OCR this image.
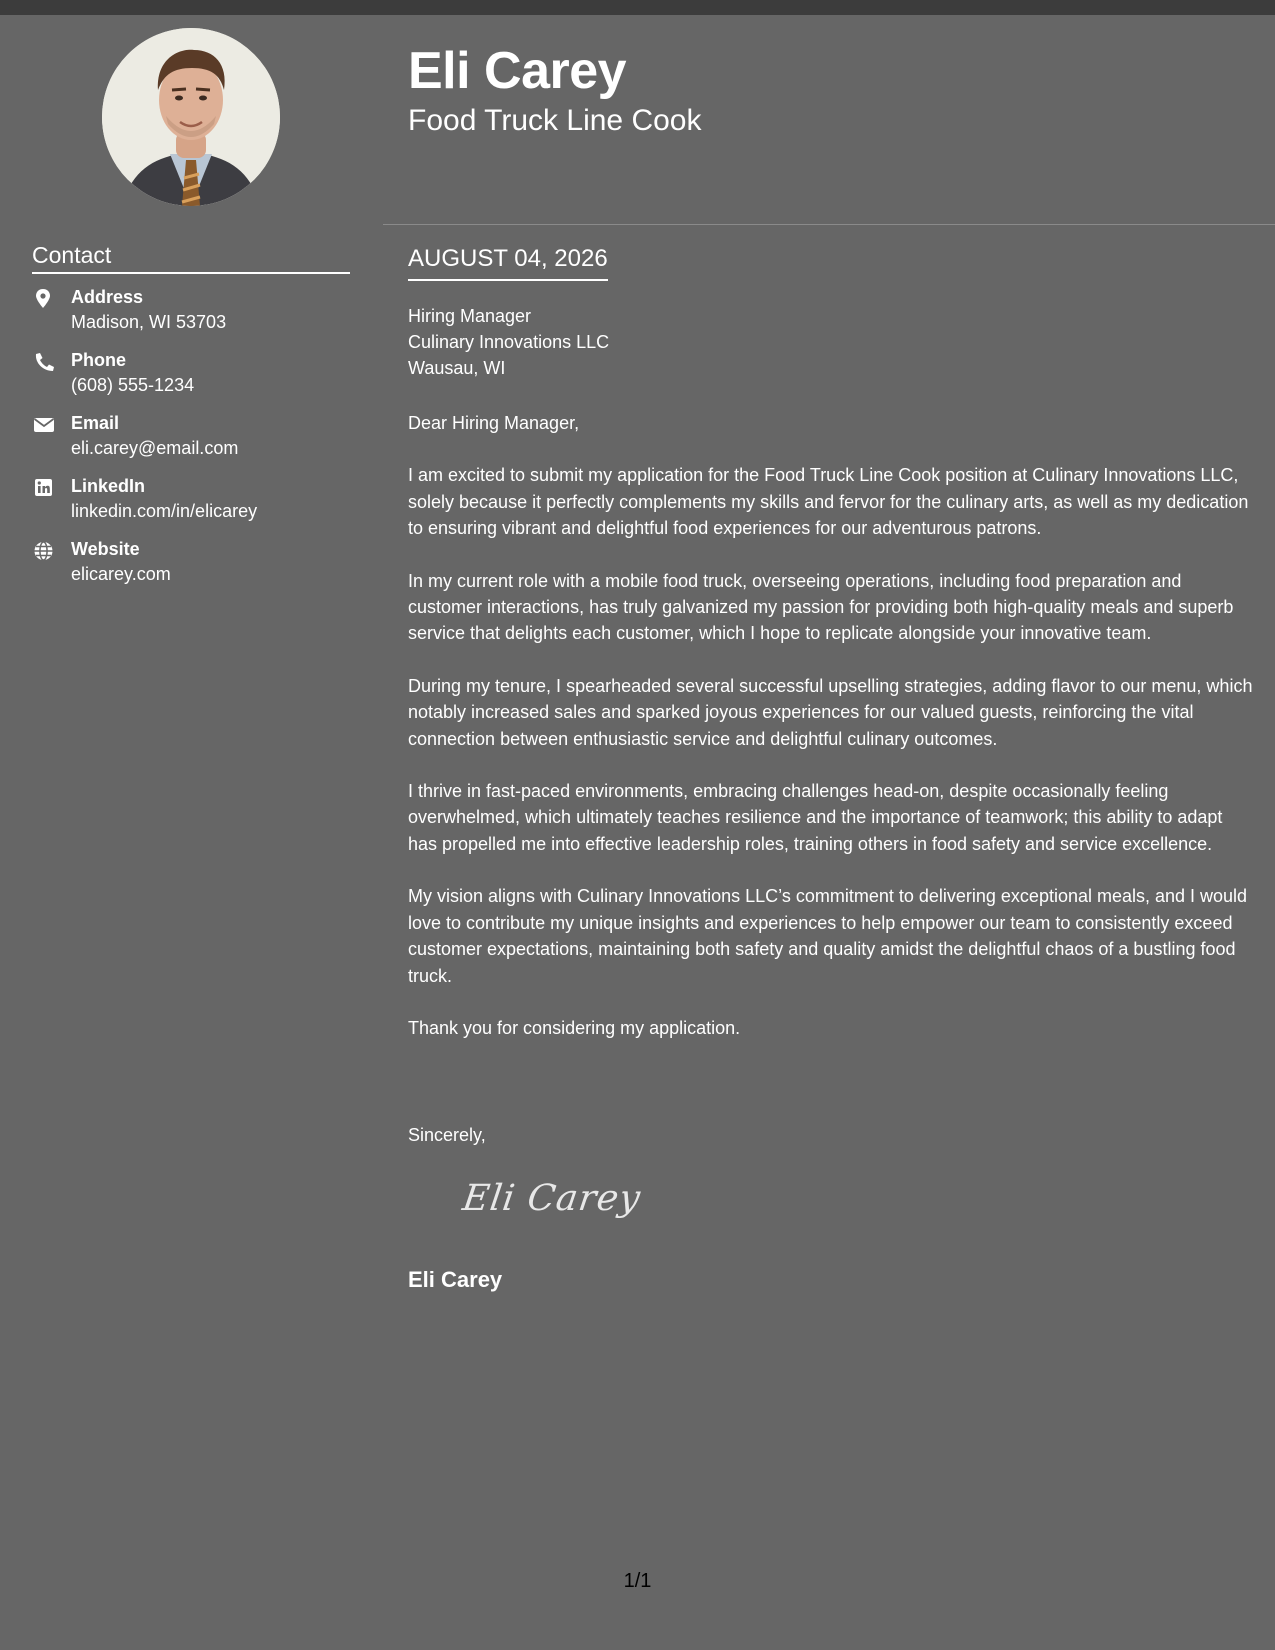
Contact
Address
Madison, WI 53703
Phone
(608) 555-1234
Email
eli.carey@email.com
LinkedIn
linkedin.com/in/elicarey
Website
elicarey.com
Eli Carey
Food Truck Line Cook
AUGUST 04, 2026
Hiring Manager
Culinary Innovations LLC
Wausau, WI

Dear Hiring Manager,

I am excited to submit my application for the Food Truck Line Cook position at Culinary Innovations LLC, solely because it perfectly complements my skills and fervor for the culinary arts, as well as my dedication to ensuring vibrant and delightful food experiences for our adventurous patrons.

In my current role with a mobile food truck, overseeing operations, including food preparation and customer interactions, has truly galvanized my passion for providing both high-quality meals and superb service that delights each customer, which I hope to replicate alongside your innovative team.

During my tenure, I spearheaded several successful upselling strategies, adding flavor to our menu, which notably increased sales and sparked joyous experiences for our valued guests, reinforcing the vital connection between enthusiastic service and delightful culinary outcomes.

I thrive in fast-paced environments, embracing challenges head-on, despite occasionally feeling overwhelmed, which ultimately teaches resilience and the importance of teamwork; this ability to adapt has propelled me into effective leadership roles, training others in food safety and service excellence.

My vision aligns with Culinary Innovations LLC’s commitment to delivering exceptional meals, and I would love to contribute my unique insights and experiences to help empower our team to consistently exceed customer expectations, maintaining both safety and quality amidst the delightful chaos of a bustling food truck.

Thank you for considering my application.

Sincerely,
Eli Carey
Eli Carey
1/1
